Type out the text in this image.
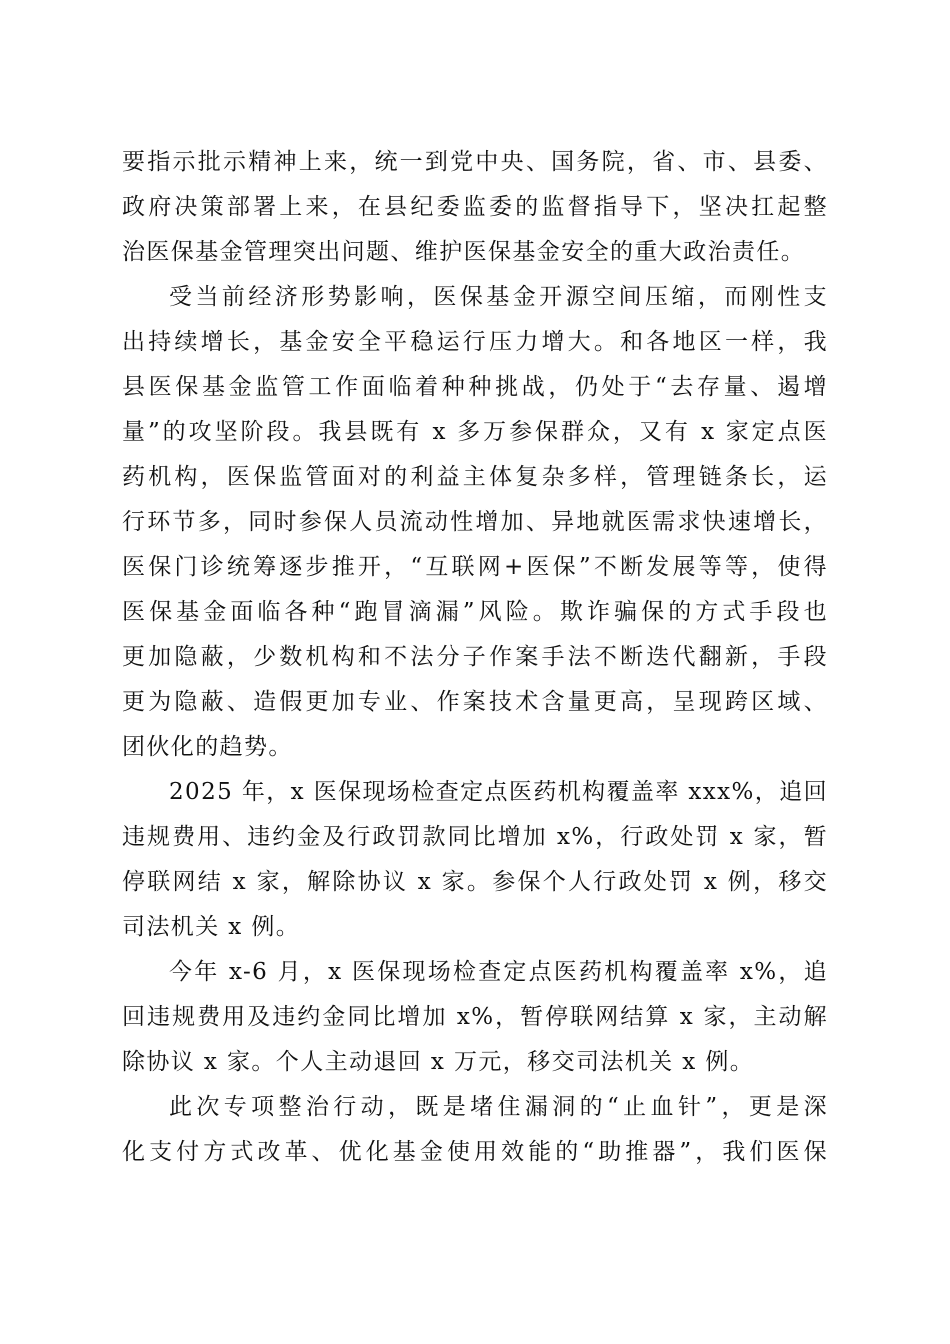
要指示批示精神上来，统一到党中央、国务院，省、市、县委、
政府决策部署上来，在县纪委监委的监督指导下，坚决扛起整
治医保基金管理突出问题、维护医保基金安全的重大政治责任。

受当前经济形势影响，医保基金开源空间压缩，而刚性支
出持续增长，基金安全平稳运行压力增大。和各地区一样，我
县医保基金监管工作面临着种种挑战，仍处于“去存量、遏增
量”的攻坚阶段。我县既有 x 多万参保群众，又有 x 家定点医
药机构，医保监管面对的利益主体复杂多样，管理链条长，运
行环节多，同时参保人员流动性增加、异地就医需求快速增长，
医保门诊统筹逐步推开，“互联网+医保”不断发展等等，使得
医保基金面临各种“跑冒滴漏”风险。欺诈骗保的方式手段也
更加隐蔽，少数机构和不法分子作案手法不断迭代翻新，手段
更为隐蔽、造假更加专业、作案技术含量更高，呈现跨区域、
团伙化的趋势。

2025 年，x 医保现场检查定点医药机构覆盖率 xxx%，追回
违规费用、违约金及行政罚款同比增加 x%，行政处罚 x 家，暂
停联网结 x 家，解除协议 x 家。参保个人行政处罚 x 例，移交
司法机关 x 例。

今年 x-6 月，x 医保现场检查定点医药机构覆盖率 x%，追
回违规费用及违约金同比增加 x%，暂停联网结算 x 家，主动解
除协议 x 家。个人主动退回 x 万元，移交司法机关 x 例。

此次专项整治行动，既是堵住漏洞的“止血针”，更是深
化支付方式改革、优化基金使用效能的“助推器”，我们医保
